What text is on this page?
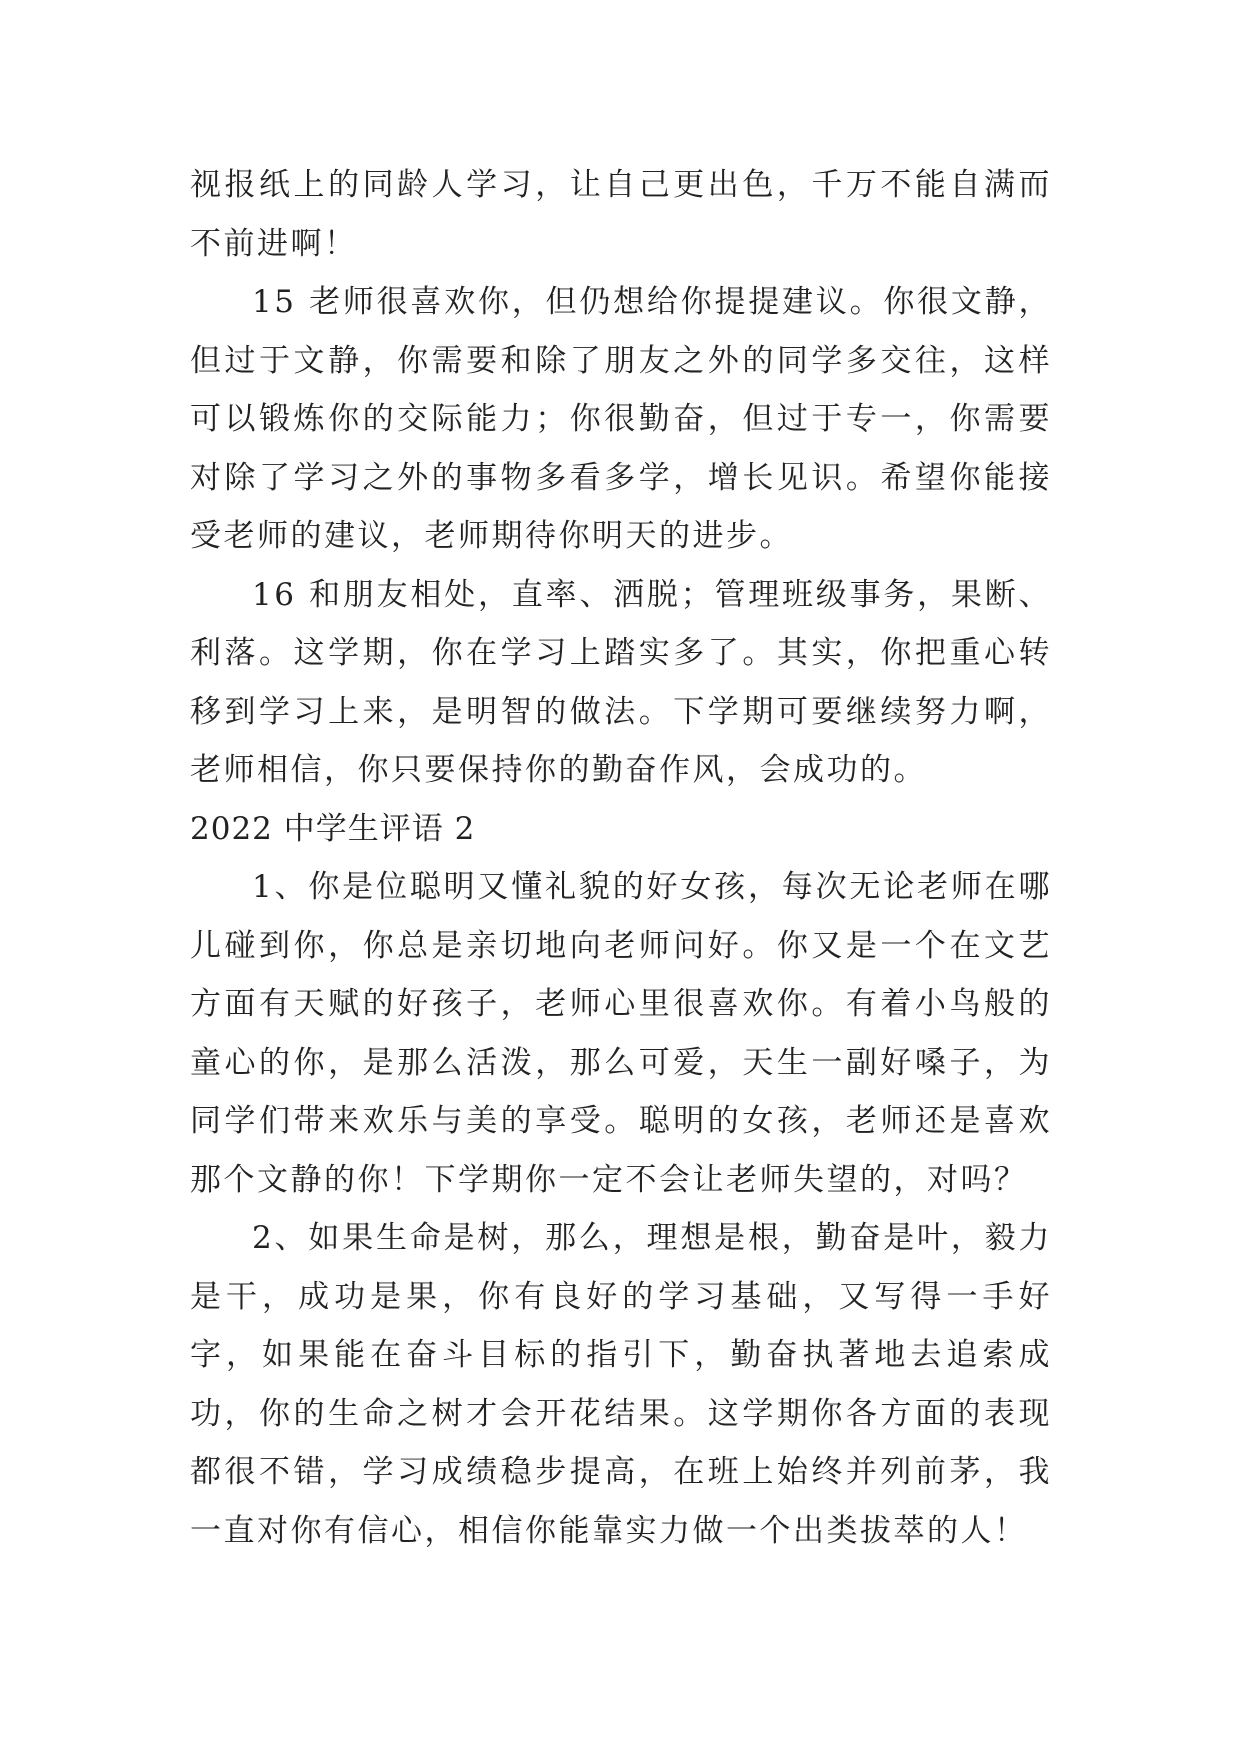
视报纸上的同龄人学习，让自己更出色，千万不能自满而不前进啊！

15 老师很喜欢你，但仍想给你提提建议。你很文静，但过于文静，你需要和除了朋友之外的同学多交往，这样可以锻炼你的交际能力；你很勤奋，但过于专一，你需要对除了学习之外的事物多看多学，增长见识。希望你能接受老师的建议，老师期待你明天的进步。

16 和朋友相处，直率、洒脱；管理班级事务，果断、利落。这学期，你在学习上踏实多了。其实，你把重心转移到学习上来，是明智的做法。下学期可要继续努力啊，老师相信，你只要保持你的勤奋作风，会成功的。

2022 中学生评语 2

1、你是位聪明又懂礼貌的好女孩，每次无论老师在哪儿碰到你，你总是亲切地向老师问好。你又是一个在文艺方面有天赋的好孩子，老师心里很喜欢你。有着小鸟般的童心的你，是那么活泼，那么可爱，天生一副好嗓子，为同学们带来欢乐与美的享受。聪明的女孩，老师还是喜欢那个文静的你！下学期你一定不会让老师失望的，对吗？

2、如果生命是树，那么，理想是根，勤奋是叶，毅力是干，成功是果，你有良好的学习基础，又写得一手好字，如果能在奋斗目标的指引下，勤奋执著地去追索成功，你的生命之树才会开花结果。这学期你各方面的表现都很不错，学习成绩稳步提高，在班上始终并列前茅，我一直对你有信心，相信你能靠实力做一个出类拔萃的人！
